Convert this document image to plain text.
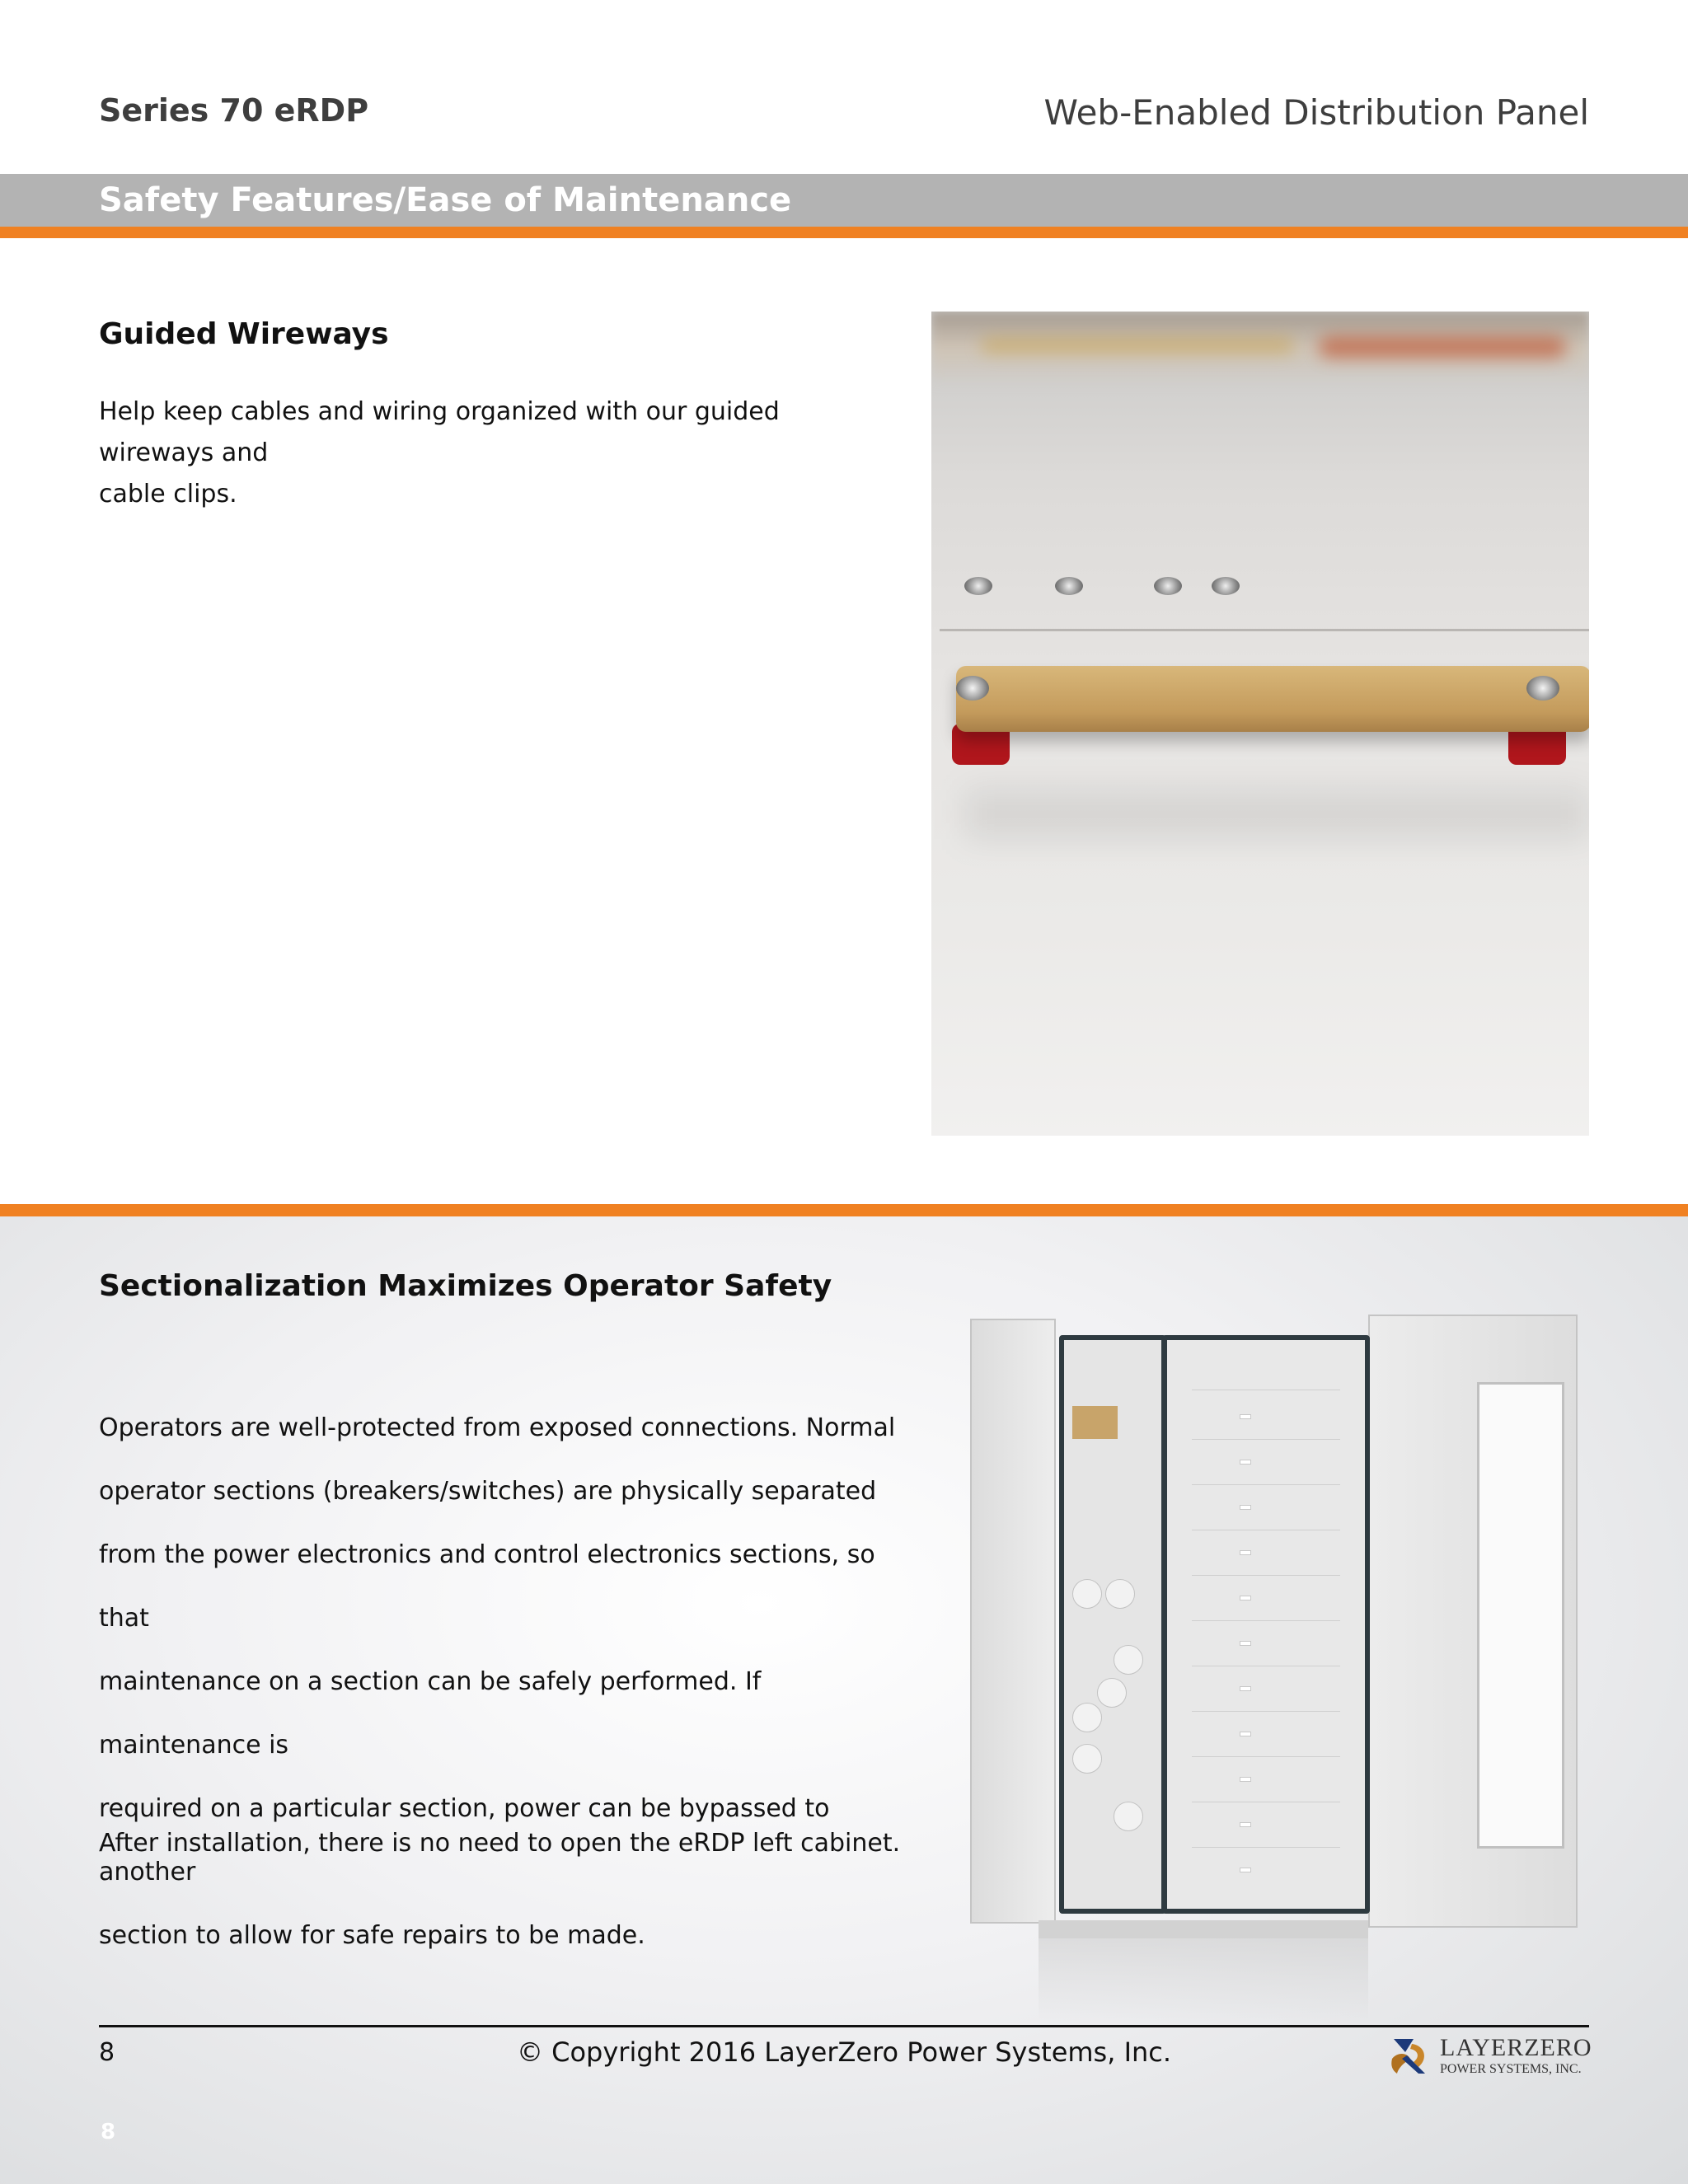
Series 70 eRDP	Web-Enabled Distribution Panel
Safety Features/Ease of Maintenance
Guided Wireways
Help keep cables and wiring organized with our guided wireways and
cable clips.
Sectionalization Maximizes Operator Safety
Operators are well-protected from exposed connections. Normal
operator sections (breakers/switches) are physically separated
from the power electronics and control electronics sections, so that
maintenance on a section can be safely performed. If maintenance is
required on a particular section, power can be bypassed to another
section to allow for safe repairs to be made.
After installation, there is no need to open the eRDP left cabinet.
8	© Copyright 2016 LayerZero Power Systems, Inc.	LAYERZERO
POWER SYSTEMS, INC.
8
